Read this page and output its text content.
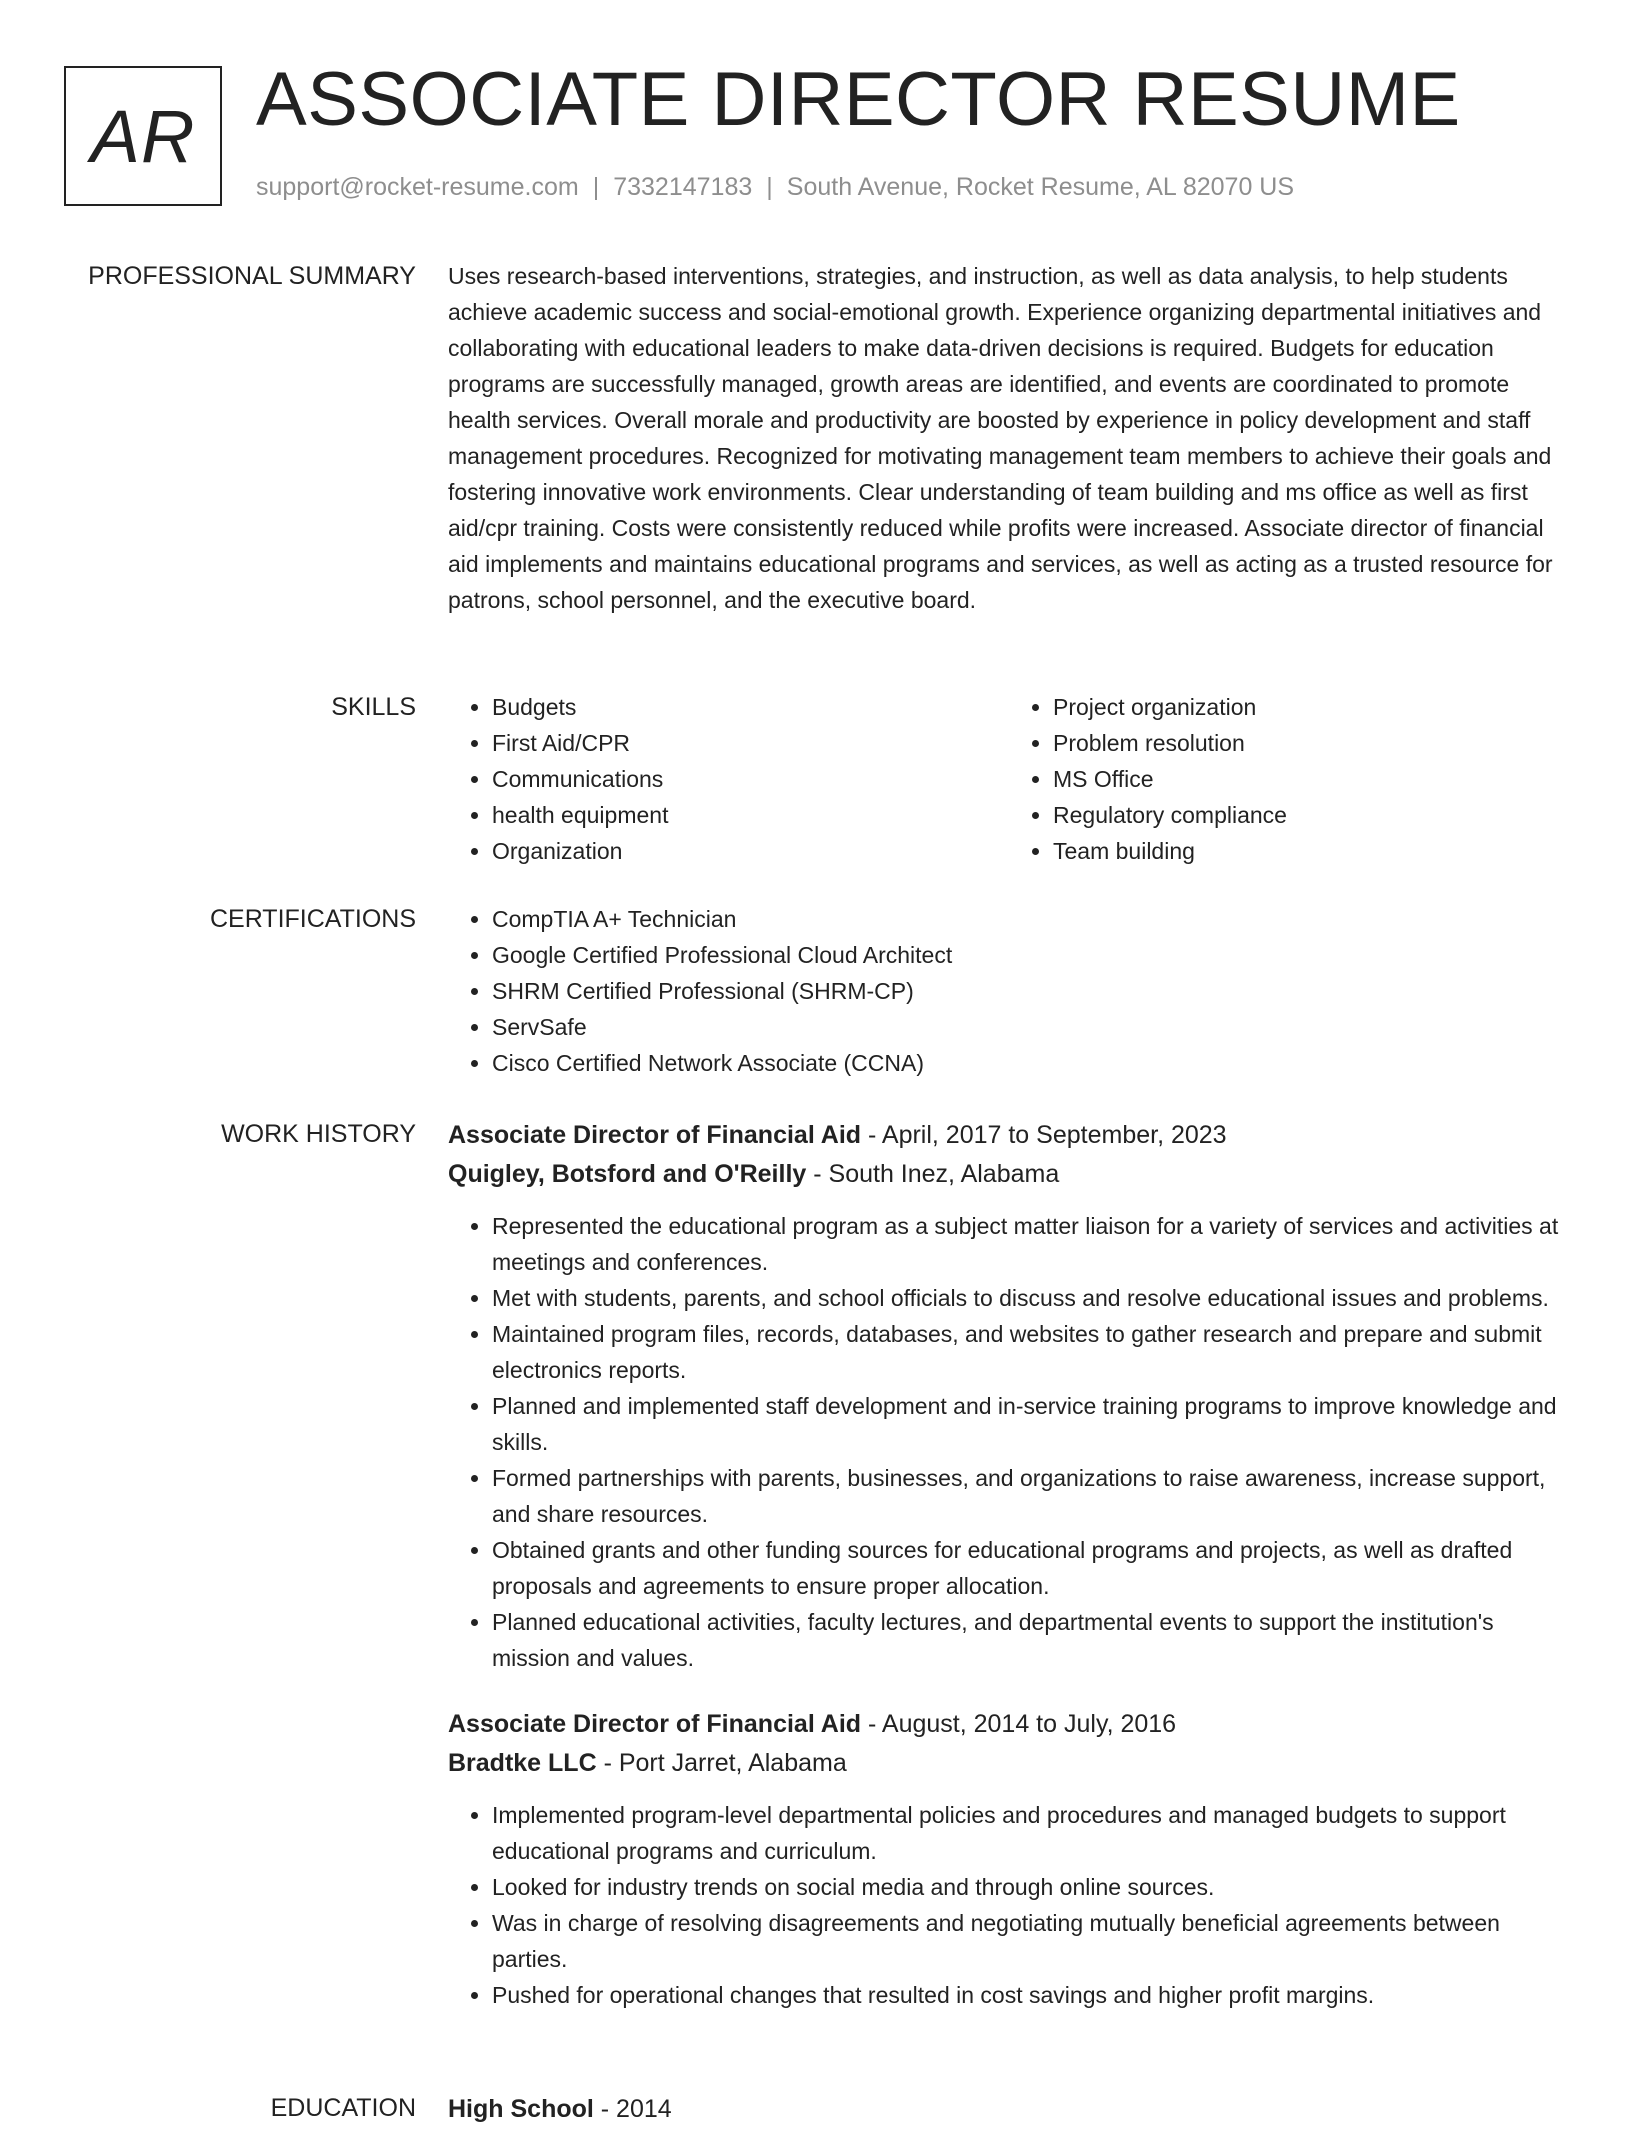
AR ASSOCIATE DIRECTOR RESUME
support@rocket-resume.com | 7332147183 | South Avenue, Rocket Resume, AL 82070 US
PROFESSIONAL SUMMARY Uses research-based interventions, strategies, and instruction, as well as data analysis, to help students achieve academic success and social-emotional growth. Experience organizing departmental initiatives and collaborating with educational leaders to make data-driven decisions is required. Budgets for education programs are successfully managed, growth areas are identified, and events are coordinated to promote health services. Overall morale and productivity are boosted by experience in policy development and staff management procedures. Recognized for motivating management team members to achieve their goals and fostering innovative work environments. Clear understanding of team building and ms office as well as first aid/cpr training. Costs were consistently reduced while profits were increased. Associate director of financial aid implements and maintains educational programs and services, as well as acting as a trusted resource for patrons, school personnel, and the executive board.

SKILLS	• Budgets
• First Aid/CPR
• Communications
• health equipment
• Organization
• Project organization
• Problem resolution
• MS Office
• Regulatory compliance
• Team building
CERTIFICATIONS	• CompTIA A+ Technician
• Google Certified Professional Cloud Architect
• SHRM Certified Professional (SHRM-CP)
• ServSafe
• Cisco Certified Network Associate (CCNA)
WORK HISTORY Associate Director of Financial Aid - April, 2017 to September, 2023
Quigley, Botsford and O'Reilly - South Inez, Alabama
• Represented the educational program as a subject matter liaison for a variety of services and activities at meetings and conferences.
• Met with students, parents, and school officials to discuss and resolve educational issues and problems.
• Maintained program files, records, databases, and websites to gather research and prepare and submit electronics reports.
• Planned and implemented staff development and in-service training programs to improve knowledge and skills.
• Formed partnerships with parents, businesses, and organizations to raise awareness, increase support, and share resources.
• Obtained grants and other funding sources for educational programs and projects, as well as drafted proposals and agreements to ensure proper allocation.
• Planned educational activities, faculty lectures, and departmental events to support the institution's mission and values.
Associate Director of Financial Aid - August, 2014 to July, 2016
Bradtke LLC - Port Jarret, Alabama
• Implemented program-level departmental policies and procedures and managed budgets to support educational programs and curriculum.
• Looked for industry trends on social media and through online sources.
• Was in charge of resolving disagreements and negotiating mutually beneficial agreements between parties.
• Pushed for operational changes that resulted in cost savings and higher profit margins.
EDUCATION High School - 2014
